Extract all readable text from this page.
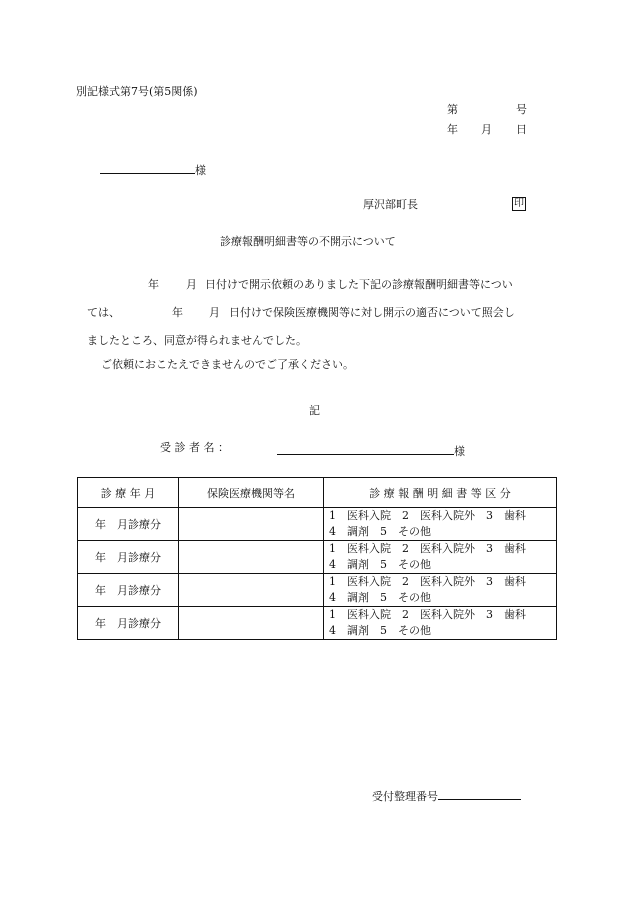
別記様式第7号(第5関係)
第	号
年 月 日
様
厚沢部町長	印
診療報酬明細書等の不開示について
年 月 日付けで開示依頼のありました下記の診療報酬明細書等につい
ては、	年 月 日付けで保険医療機関等に対し開示の適否について照会し
ましたところ、同意が得られませんでした。
ご依頼におこたえできませんのでご了承ください。
記
受 診 者 名 ：	様
診 療 年 月	保険医療機関等名	診 療 報 酬 明 細 書 等 区 分
年　月診療分		1　医科入院　2　医科入院外　3　歯科
4　調剤　5　その他

年　月診療分		1　医科入院　2　医科入院外　3　歯科
4　調剤　5　その他

年　月診療分		1　医科入院　2　医科入院外　3　歯科
4　調剤　5　その他

年　月診療分		1　医科入院　2　医科入院外　3　歯科
4　調剤　5　その他
受付整理番号
